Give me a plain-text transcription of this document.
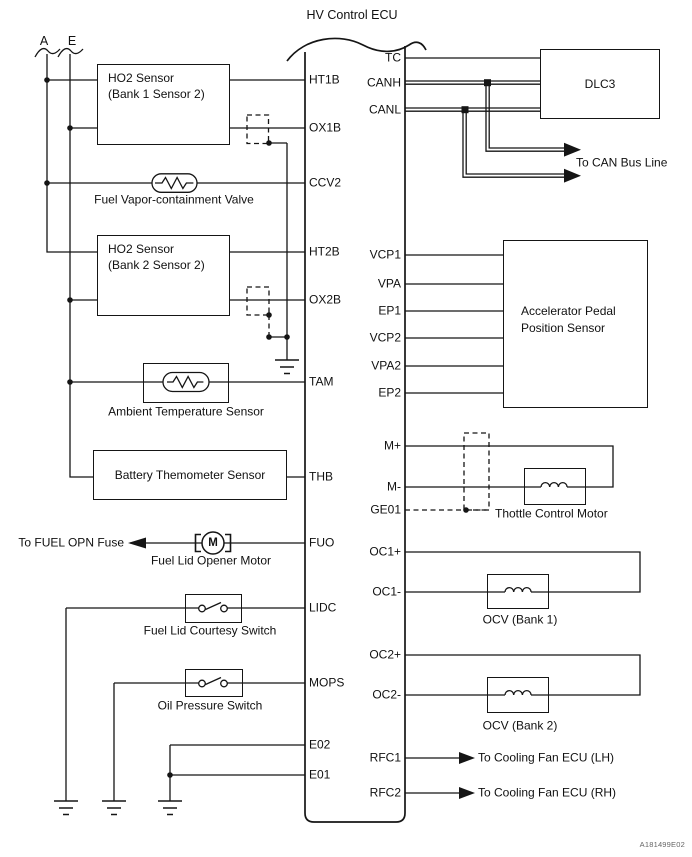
HO2 Sensor
(Bank 1 Sensor 2)
HO2 Sensor
(Bank 2 Sensor 2)
Battery Themometer Sensor
DLC3
Accelerator Pedal
Position Sensor
HV Control ECU
A181499E02
A E
HT1B
OX1B
CCV2
HT2B
OX2B
TAM
THB
FUO
LIDC
MOPS
E02
E01
TC
CANH
CANL
VCP1
VPA
EP1
VCP2
VPA2
EP2
M+
M-
GE01
OC1+
OC1-
OC2+
OC2-
RFC1
RFC2
Fuel Vapor-containment Valve
Ambient Temperature Sensor
To FUEL OPN Fuse
Fuel Lid Opener Motor
M
Fuel Lid Courtesy Switch
Oil Pressure Switch
To CAN Bus Line
Thottle Control Motor
OCV (Bank 1)
OCV (Bank 2)
To Cooling Fan ECU (LH)
To Cooling Fan ECU (RH)
